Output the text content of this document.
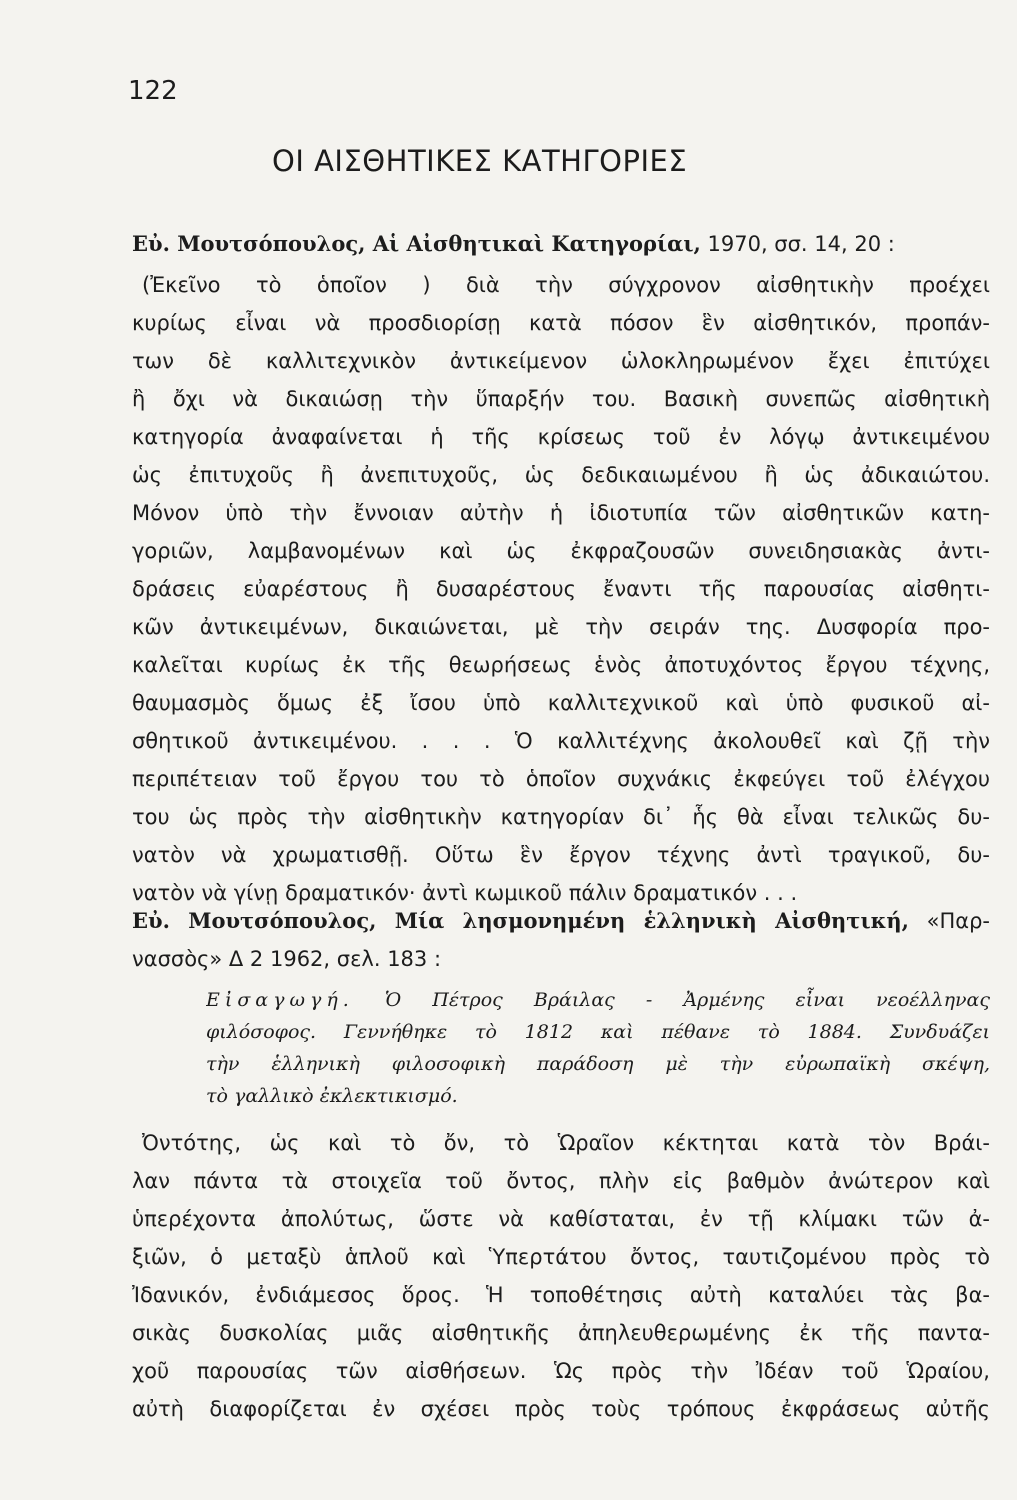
122
ΟΙ ΑΙΣΘΗΤΙΚΕΣ ΚΑΤΗΓΟΡΙΕΣ
Εὐ. Μουτσόπουλος, Αἱ Αἰσθητικαὶ Κατηγορίαι, 1970, σσ. 14, 20 :
(Ἐκεῖνο τὸ ὁποῖον ) διὰ τὴν σύγχρονον αἰσθητικὴν προέχει
κυρίως εἶναι νὰ προσδιορίσῃ κατὰ πόσον ἓν αἰσθητικόν, προπάν-
των δὲ καλλιτεχνικὸν ἀντικείμενον ὡλοκληρωμένον ἔχει ἐπιτύχει
ἢ ὄχι νὰ δικαιώσῃ τὴν ὕπαρξήν του. Βασικὴ συνεπῶς αἰσθητικὴ
κατηγορία ἀναφαίνεται ἡ τῆς κρίσεως τοῦ ἐν λόγῳ ἀντικειμένου
ὡς ἐπιτυχοῦς ἢ ἀνεπιτυχοῦς, ὡς δεδικαιωμένου ἢ ὡς ἀδικαιώτου.
Μόνον ὑπὸ τὴν ἔννοιαν αὐτὴν ἡ ἰδιοτυπία τῶν αἰσθητικῶν κατη-
γοριῶν, λαμβανομένων καὶ ὡς ἐκφραζουσῶν συνειδησιακὰς ἀντι-
δράσεις εὐαρέστους ἢ δυσαρέστους ἔναντι τῆς παρουσίας αἰσθητι-
κῶν ἀντικειμένων, δικαιώνεται, μὲ τὴν σειράν της. Δυσφορία προ-
καλεῖται κυρίως ἐκ τῆς θεωρήσεως ἑνὸς ἀποτυχόντος ἔργου τέχνης,
θαυμασμὸς ὅμως ἐξ ἴσου ὑπὸ καλλιτεχνικοῦ καὶ ὑπὸ φυσικοῦ αἰ-
σθητικοῦ ἀντικειμένου. . . . Ὁ καλλιτέχνης ἀκολουθεῖ καὶ ζῇ τὴν
περιπέτειαν τοῦ ἔργου του τὸ ὁποῖον συχνάκις ἐκφεύγει τοῦ ἐλέγχου
του ὡς πρὸς τὴν αἰσθητικὴν κατηγορίαν δι᾽ ἧς θὰ εἶναι τελικῶς δυ-
νατὸν νὰ χρωματισθῇ. Οὕτω ἓν ἔργον τέχνης ἀντὶ τραγικοῦ, δυ-
νατὸν νὰ γίνῃ δραματικόν· ἀντὶ κωμικοῦ πάλιν δραματικόν . . .
Εὐ. Μουτσόπουλος, Μία λησμονημένη ἑλληνικὴ Αἰσθητική, «Παρ-
νασσὸς» Δ 2 1962, σελ. 183 :
Εἰσαγωγή. Ὁ Πέτρος Βράιλας - Ἀρμένης εἶναι νεοέλληνας
φιλόσοφος. Γεννήθηκε τὸ 1812 καὶ πέθανε τὸ 1884. Συνδυάζει
τὴν ἑλληνικὴ φιλοσοφικὴ παράδοση μὲ τὴν εὐρωπαϊκὴ σκέψη,
τὸ γαλλικὸ ἐκλεκτικισμό.
Ὀντότης, ὡς καὶ τὸ ὄν, τὸ Ὡραῖον κέκτηται κατὰ τὸν Βράι-
λαν πάντα τὰ στοιχεῖα τοῦ ὄντος, πλὴν εἰς βαθμὸν ἀνώτερον καὶ
ὑπερέχοντα ἀπολύτως, ὥστε νὰ καθίσταται, ἐν τῇ κλίμακι τῶν ἀ-
ξιῶν, ὁ μεταξὺ ἁπλοῦ καὶ Ὑπερτάτου ὄντος, ταυτιζομένου πρὸς τὸ
Ἰδανικόν, ἐνδιάμεσος ὅρος. Ἡ τοποθέτησις αὐτὴ καταλύει τὰς βα-
σικὰς δυσκολίας μιᾶς αἰσθητικῆς ἀπηλευθερωμένης ἐκ τῆς παντα-
χοῦ παρουσίας τῶν αἰσθήσεων. Ὡς πρὸς τὴν Ἰδέαν τοῦ Ὡραίου,
αὐτὴ διαφορίζεται ἐν σχέσει πρὸς τοὺς τρόπους ἐκφράσεως αὐτῆς
